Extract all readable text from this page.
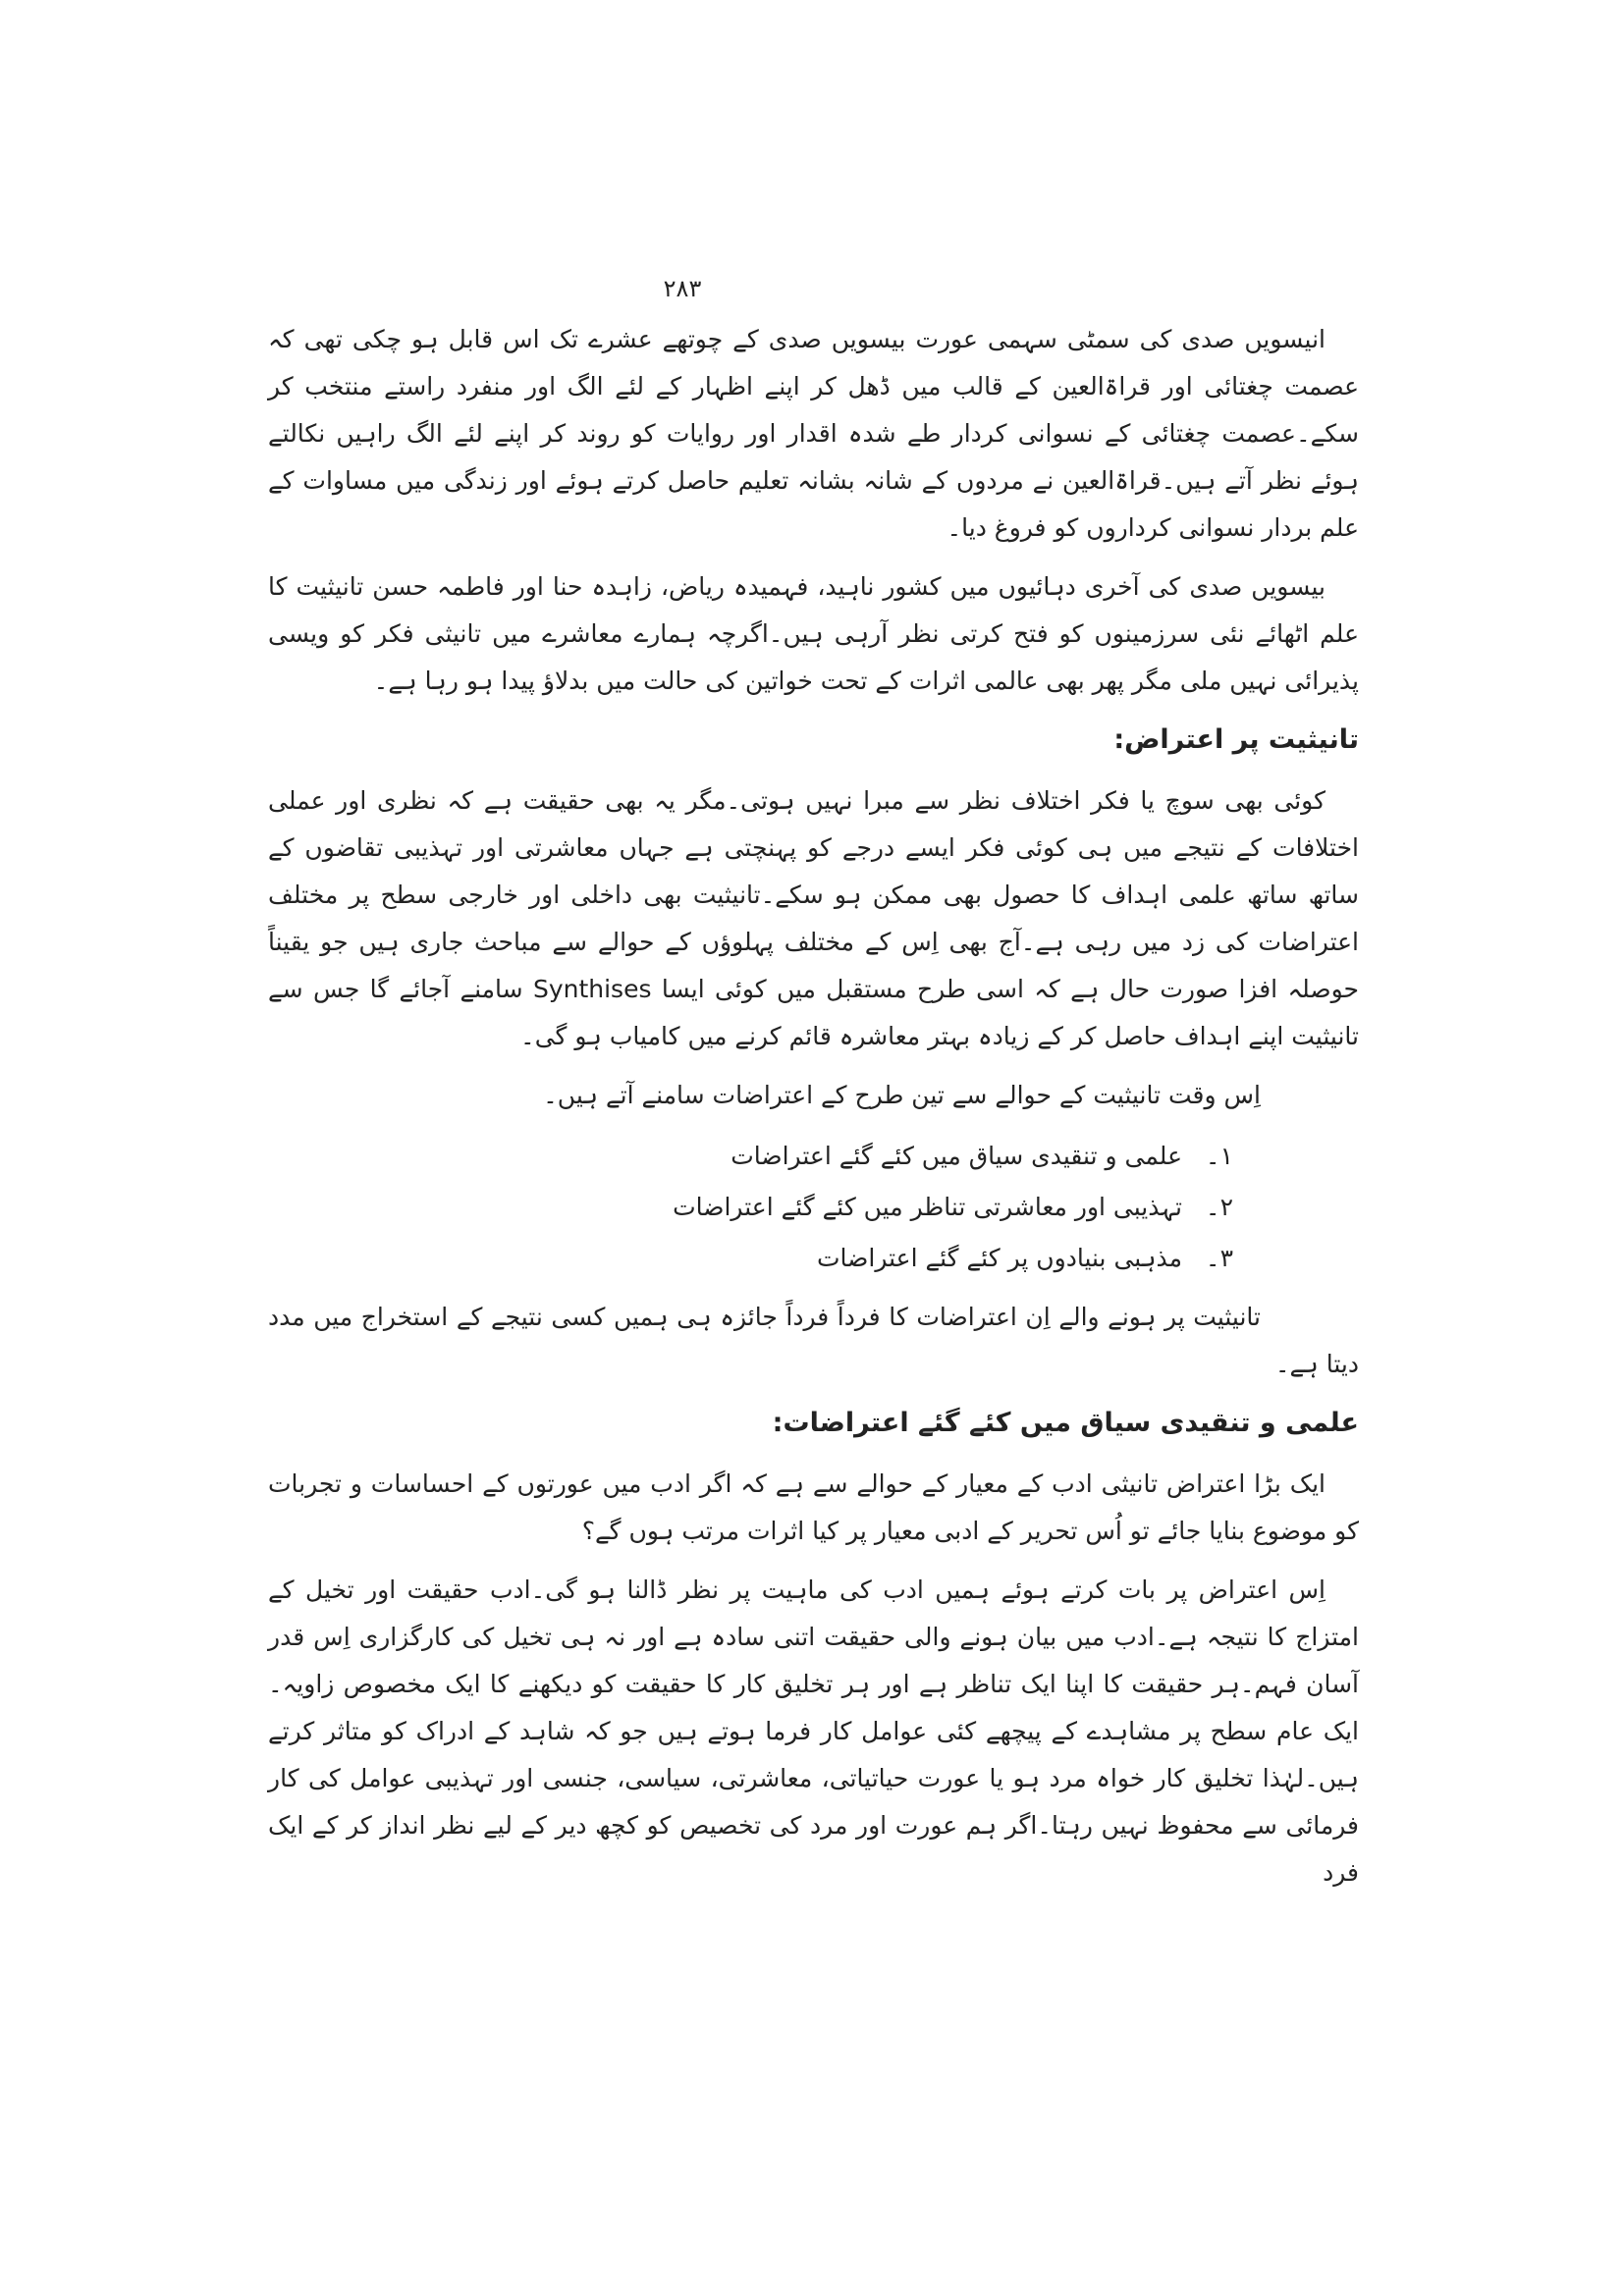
۲۸۳

انیسویں صدی کی سمٹی سہمی عورت بیسویں صدی کے چوتھے عشرے تک اس قابل ہو چکی تھی کہ عصمت چغتائی اور قراۃالعین کے قالب میں ڈھل کر اپنے اظہار کے لئے الگ اور منفرد راستے منتخب کر سکے۔عصمت چغتائی کے نسوانی کردار طے شدہ اقدار اور روایات کو روند کر اپنے لئے الگ راہیں نکالتے ہوئے نظر آتے ہیں۔قراۃالعین نے مردوں کے شانہ بشانہ تعلیم حاصل کرتے ہوئے اور زندگی میں مساوات کے علم بردار نسوانی کرداروں کو فروغ دیا۔

بیسویں صدی کی آخری دہائیوں میں کشور ناہید، فہمیدہ ریاض، زاہدہ حنا اور فاطمہ حسن تانیثیت کا علم اٹھائے نئی سرزمینوں کو فتح کرتی نظر آرہی ہیں۔اگرچہ ہمارے معاشرے میں تانیثی فکر کو ویسی پذیرائی نہیں ملی مگر پھر بھی عالمی اثرات کے تحت خواتین کی حالت میں بدلاؤ پیدا ہو رہا ہے۔

تانیثیت پر اعتراض:

کوئی بھی سوچ یا فکر اختلاف نظر سے مبرا نہیں ہوتی۔مگر یہ بھی حقیقت ہے کہ نظری اور عملی اختلافات کے نتیجے میں ہی کوئی فکر ایسے درجے کو پہنچتی ہے جہاں معاشرتی اور تہذیبی تقاضوں کے ساتھ ساتھ علمی اہداف کا حصول بھی ممکن ہو سکے۔تانیثیت بھی داخلی اور خارجی سطح پر مختلف اعتراضات کی زد میں رہی ہے۔آج بھی اِس کے مختلف پہلوؤں کے حوالے سے مباحث جاری ہیں جو یقیناً حوصلہ افزا صورت حال ہے کہ اسی طرح مستقبل میں کوئی ایسا Synthises سامنے آجائے گا جس سے تانیثیت اپنے اہداف حاصل کر کے زیادہ بہتر معاشرہ قائم کرنے میں کامیاب ہو گی۔

اِس وقت تانیثیت کے حوالے سے تین طرح کے اعتراضات سامنے آتے ہیں۔

۱۔
علمی و تنقیدی سیاق میں کئے گئے اعتراضات
۲۔
تہذیبی اور معاشرتی تناظر میں کئے گئے اعتراضات
۳۔
مذہبی بنیادوں پر کئے گئے اعتراضات

تانیثیت پر ہونے والے اِن اعتراضات کا فرداً فرداً جائزہ ہی ہمیں کسی نتیجے کے استخراج میں مدد دیتا ہے۔

علمی و تنقیدی سیاق میں کئے گئے اعتراضات:

ایک بڑا اعتراض تانیثی ادب کے معیار کے حوالے سے ہے کہ اگر ادب میں عورتوں کے احساسات و تجربات کو موضوع بنایا جائے تو اُس تحریر کے ادبی معیار پر کیا اثرات مرتب ہوں گے؟

اِس اعتراض پر بات کرتے ہوئے ہمیں ادب کی ماہیت پر نظر ڈالنا ہو گی۔ادب حقیقت اور تخیل کے امتزاج کا نتیجہ ہے۔ادب میں بیان ہونے والی حقیقت اتنی سادہ ہے اور نہ ہی تخیل کی کارگزاری اِس قدر آسان فہم۔ہر حقیقت کا اپنا ایک تناظر ہے اور ہر تخلیق کار کا حقیقت کو دیکھنے کا ایک مخصوص زاویہ۔ایک عام سطح پر مشاہدے کے پیچھے کئی عوامل کار فرما ہوتے ہیں جو کہ شاہد کے ادراک کو متاثر کرتے ہیں۔لہٰذا تخلیق کار خواہ مرد ہو یا عورت حیاتیاتی، معاشرتی، سیاسی، جنسی اور تہذیبی عوامل کی کار فرمائی سے محفوظ نہیں رہتا۔اگر ہم عورت اور مرد کی تخصیص کو کچھ دیر کے لیے نظر انداز کر کے ایک فرد
